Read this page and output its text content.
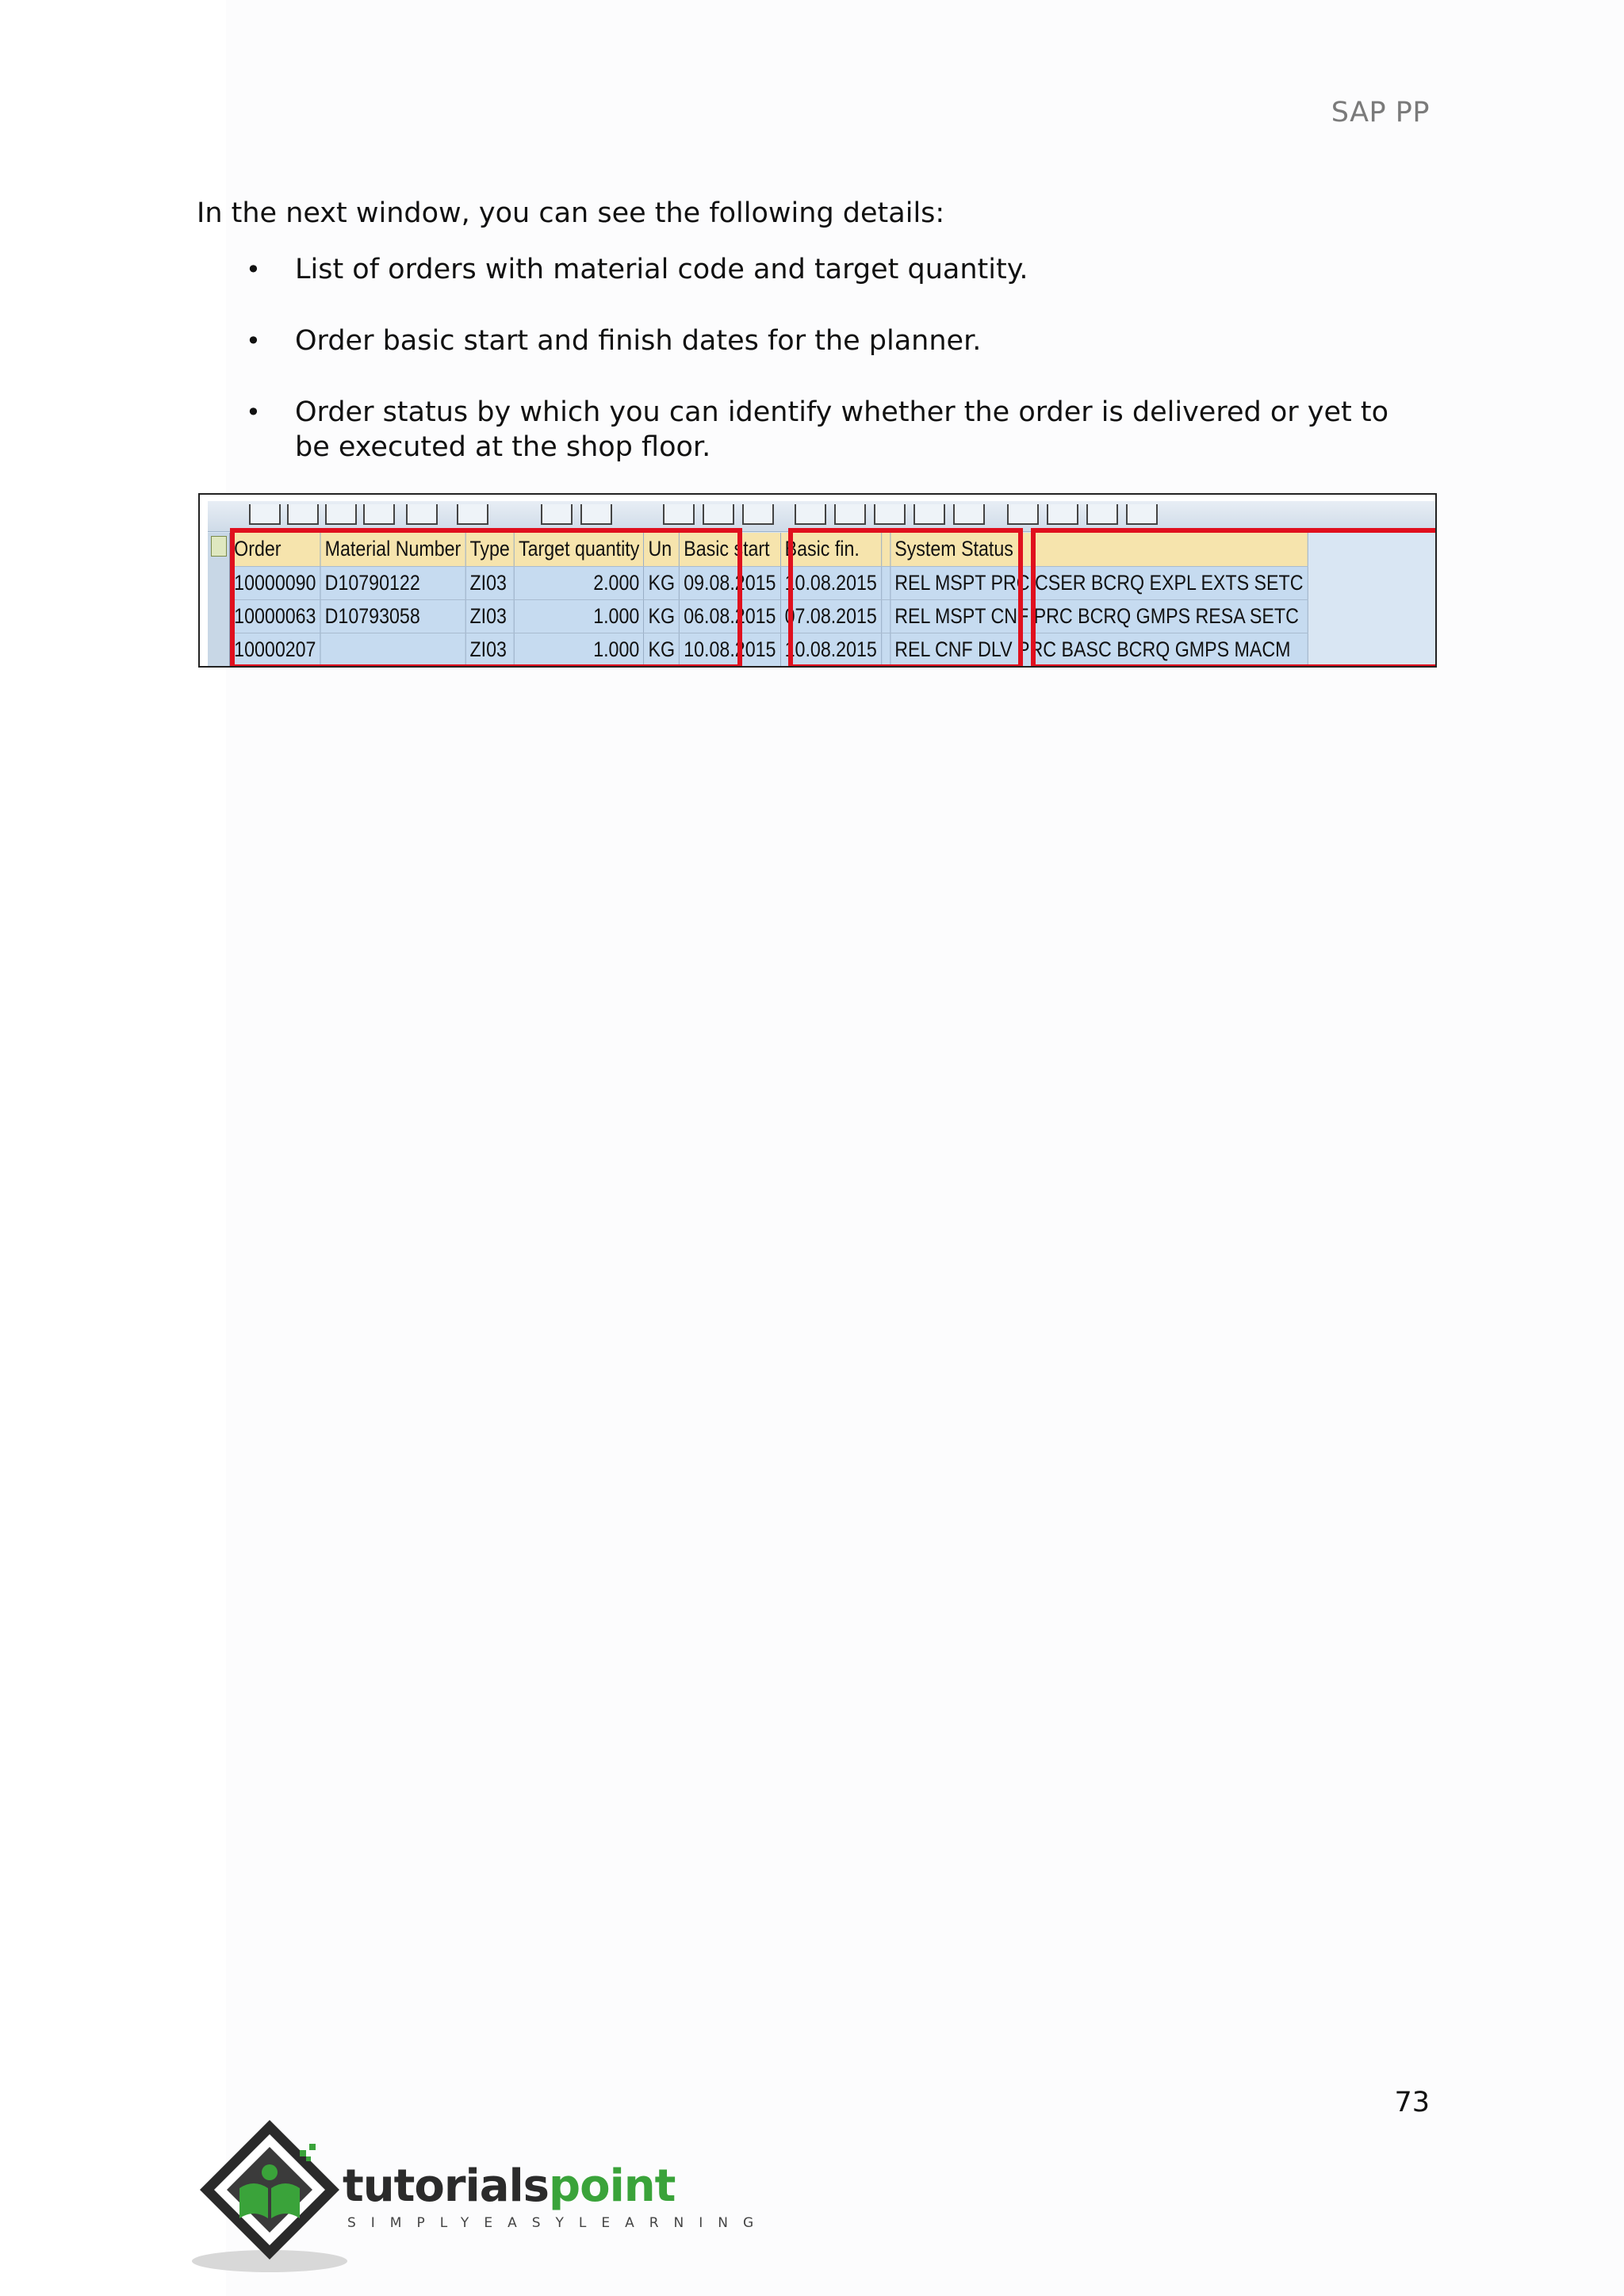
SAP PP

In the next window, you can see the following details:

• List of orders with material code and target quantity.
• Order basic start and finish dates for the planner.
• Order status by which you can identify whether the order is delivered or yet to be executed at the shop floor.
Order	Material Number	Type	Target quantity	Un	Basic start	Basic fin.		System Status
10000090	D10790122	ZI03	2.000	KG	09.08.2015	10.08.2015		REL MSPT PRC CSER BCRQ EXPL EXTS SETC
10000063	D10793058	ZI03	1.000	KG	06.08.2015	07.08.2015		REL MSPT CNF PRC BCRQ GMPS RESA SETC
10000207		ZI03	1.000	KG	10.08.2015	10.08.2015		REL CNF DLV PRC BASC BCRQ GMPS MACM
73
tutorialspoint
SIMPLYEASYLEARNING
